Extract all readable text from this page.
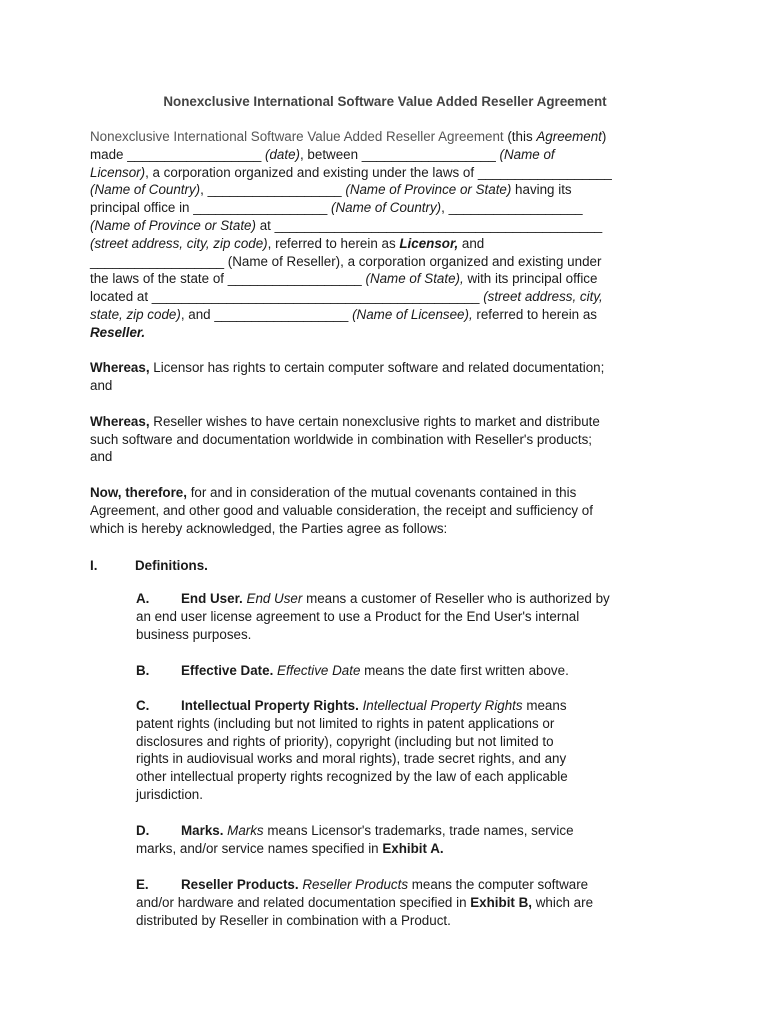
Nonexclusive International Software Value Added Reseller Agreement
Nonexclusive International Software Value Added Reseller Agreement (this Agreement)
made __________________ (date), between __________________ (Name of
Licensor), a corporation organized and existing under the laws of __________________
(Name of Country), __________________ (Name of Province or State) having its
principal office in __________________ (Name of Country), __________________
(Name of Province or State) at ____________________________________________
(street address, city, zip code), referred to herein as Licensor, and
__________________ (Name of Reseller), a corporation organized and existing under
the laws of the state of __________________ (Name of State), with its principal office
located at ____________________________________________ (street address, city,
state, zip code), and __________________ (Name of Licensee), referred to herein as
Reseller.
Whereas, Licensor has rights to certain computer software and related documentation;
and
Whereas, Reseller wishes to have certain nonexclusive rights to market and distribute
such software and documentation worldwide in combination with Reseller's products;
and
Now, therefore, for and in consideration of the mutual covenants contained in this
Agreement, and other good and valuable consideration, the receipt and sufficiency of
which is hereby acknowledged, the Parties agree as follows:
I.	Definitions.
A. End User. End User means a customer of Reseller who is authorized by
an end user license agreement to use a Product for the End User's internal
business purposes.
B. Effective Date. Effective Date means the date first written above.
C. Intellectual Property Rights. Intellectual Property Rights means
patent rights (including but not limited to rights in patent applications or
disclosures and rights of priority), copyright (including but not limited to
rights in audiovisual works and moral rights), trade secret rights, and any
other intellectual property rights recognized by the law of each applicable
jurisdiction.
D. Marks. Marks means Licensor's trademarks, trade names, service
marks, and/or service names specified in Exhibit A.
E. Reseller Products. Reseller Products means the computer software
and/or hardware and related documentation specified in Exhibit B, which are
distributed by Reseller in combination with a Product.
